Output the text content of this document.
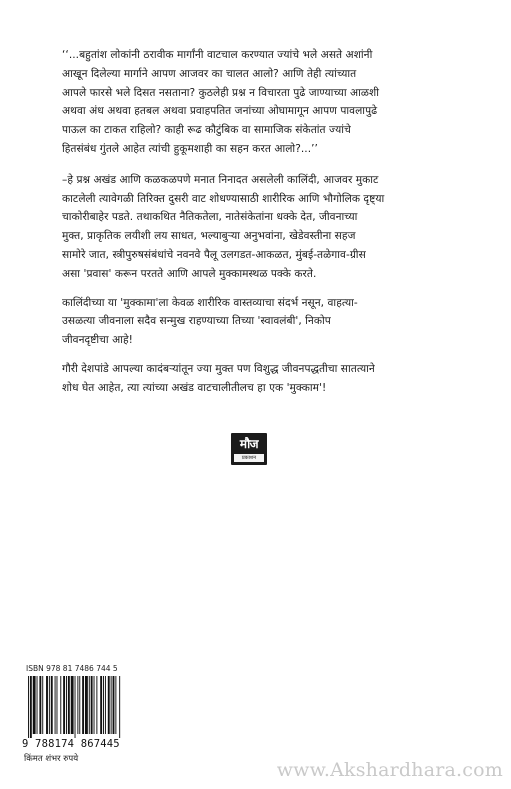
‘‘...बहुतांश लोकांनी ठरावीक मार्गांनी वाटचाल करण्यात ज्यांचे भले असते अशांनी
आखून दिलेल्या मार्गाने आपण आजवर का चालत आलो? आणि तेही त्यांच्यात
आपले फारसे भले दिसत नसताना? कुठलेही प्रश्न न विचारता पुढे जाण्याच्या आळशी
अथवा अंध अथवा हतबल अथवा प्रवाहपतित जनांच्या ओघामागून आपण पावलापुढे
पाऊल का टाकत राहिलो? काही रूढ कौटुंबिक वा सामाजिक संकेतांत ज्यांचे
हितसंबंध गुंतले आहेत त्यांची हुकूमशाही का सहन करत आलो?...’’

–हे प्रश्न अखंड आणि कळकळपणे मनात निनादत असलेली कालिंदी, आजवर मुकाट
काटलेली त्यावेगळी तिरिक्त दुसरी वाट शोधण्यासाठी शारीरिक आणि भौगोलिक दृष्ट्या
चाकोरीबाहेर पडते. तथाकथित नैतिकतेला, नातेसंकेतांना धक्के देत, जीवनाच्या
मुक्त, प्राकृतिक लयीशी लय साधत, भल्याबुऱ्या अनुभवांना, खेडेवस्तीना सहज
सामोरे जात, स्त्रीपुरुषसंबंधांचे नवनवे पैलू उलगडत-आकळत, मुंबई-तळेगाव-ग्रीस
असा 'प्रवास' करून परतते आणि आपले मुक्कामस्थळ पक्के करते.

कालिंदीच्या या 'मुक्कामा'ला केवळ शारीरिक वास्तव्याचा संदर्भ नसून, वाहत्या-
उसळत्या जीवनाला सदैव सन्मुख राहण्याच्या तिच्या 'स्वावलंबी', निकोप
जीवनदृष्टीचा आहे!

गौरी देशपांडे आपल्या कादंबऱ्यांतून ज्या मुक्त पण विशुद्ध जीवनपद्धतीचा सातत्याने
शोध घेत आहेत, त्या त्यांच्या अखंड वाटचालीतीलच हा एक 'मुक्काम'!

मौज
प्रकाशन
ISBN 978 81 7486 744 5
9 788174 867445
किंमत शंभर रुपये	www.Akshardhara.com
